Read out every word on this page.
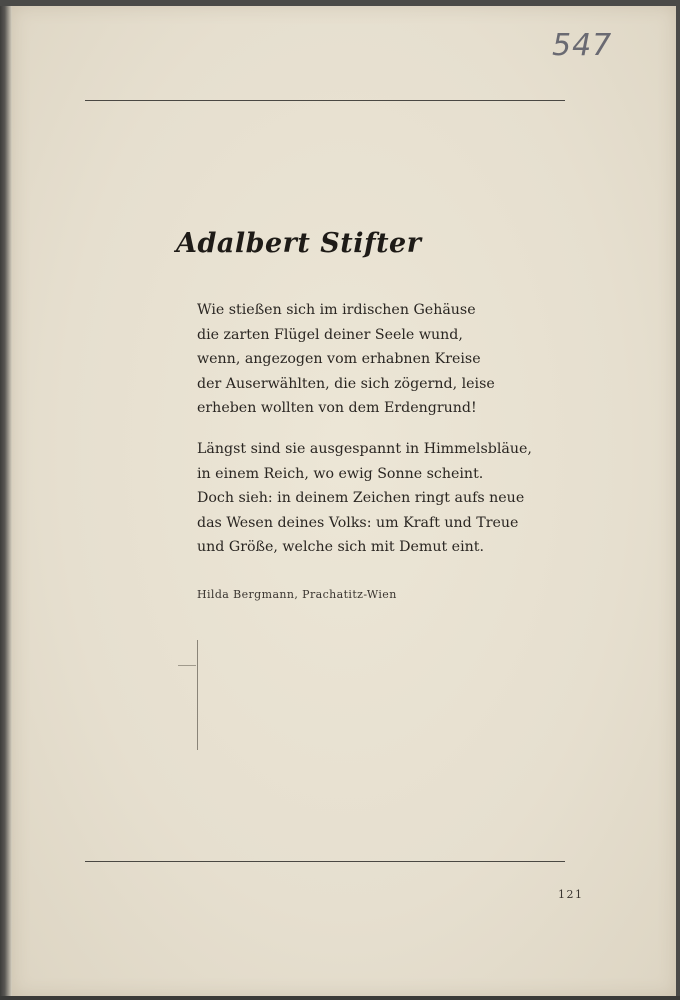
547
Adalbert Stifter
Wie stießen sich im irdischen Gehäuse
die zarten Flügel deiner Seele wund,
wenn, angezogen vom erhabnen Kreise
der Auserwählten, die sich zögernd, leise
erheben wollten von dem Erdengrund!
Längst sind sie ausgespannt in Himmelsbläue,
in einem Reich, wo ewig Sonne scheint.
Doch sieh: in deinem Zeichen ringt aufs neue
das Wesen deines Volks: um Kraft und Treue
und Größe, welche sich mit Demut eint.
Hilda Bergmann, Prachatitz-Wien
121
